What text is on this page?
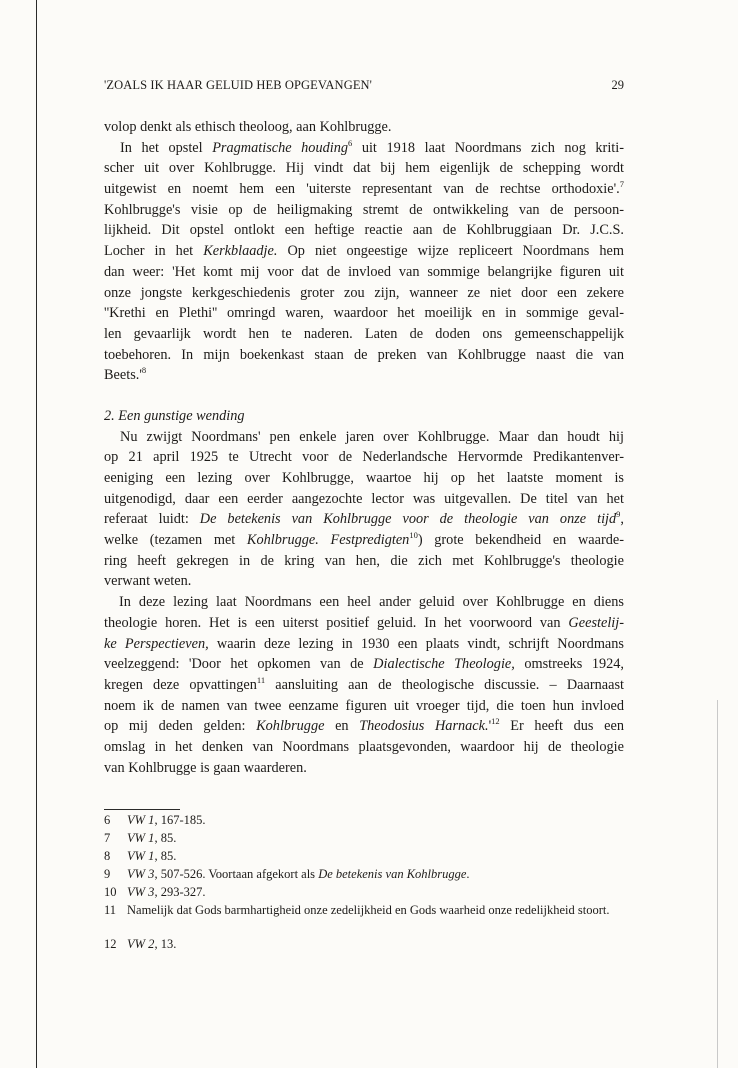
'ZOALS IK HAAR GELUID HEB OPGEVANGEN'	29
volop denkt als ethisch theoloog, aan Kohlbrugge.
In het opstel Pragmatische houding$^6$ uit 1918 laat Noordmans zich nog kriti-
scher uit over Kohlbrugge. Hij vindt dat bij hem eigenlijk de schepping wordt
uitgewist en noemt hem een 'uiterste representant van de rechtse orthodoxie'.$^7$
Kohlbrugge's visie op de heiligmaking stremt de ontwikkeling van de persoon-
lijkheid. Dit opstel ontlokt een heftige reactie aan de Kohlbruggiaan Dr. J.C.S.
Locher in het Kerkblaadje. Op niet ongeestige wijze repliceert Noordmans hem
dan weer: 'Het komt mij voor dat de invloed van sommige belangrijke figuren uit
onze jongste kerkgeschiedenis groter zou zijn, wanneer ze niet door een zekere
''Krethi en Plethi'' omringd waren, waardoor het moeilijk en in sommige geval-
len gevaarlijk wordt hen te naderen. Laten de doden ons gemeenschappelijk
toebehoren. In mijn boekenkast staan de preken van Kohlbrugge naast die van
$Beets.'^8$
2. Een gunstige wending
Nu zwijgt Noordmans' pen enkele jaren over Kohlbrugge. Maar dan houdt hij
op 21 april 1925 te Utrecht voor de Nederlandsche Hervormde Predikantenver-
eeniging een lezing over Kohlbrugge, waartoe hij op het laatste moment is
uitgenodigd, daar een eerder aangezochte lector was uitgevallen. De titel van het
referaat luidt: De betekenis van Kohlbrugge voor de theologie van onze tijd$^9$,
welke (tezamen met Kohlbrugge. Festpredigten$^{10}$) grote bekendheid en waarde-
ring heeft gekregen in de kring van hen, die zich met Kohlbrugge's theologie
verwant weten.
In deze lezing laat Noordmans een heel ander geluid over Kohlbrugge en diens
theologie horen. Het is een uiterst positief geluid. In het voorwoord van Geestelij-
ke Perspectieven, waarin deze lezing in 1930 een plaats vindt, schrijft Noordmans
veelzeggend: 'Door het opkomen van de Dialectische Theologie, omstreeks 1924,
kregen deze opvattingen$^{11}$ aansluiting aan de theologische discussie. – Daarnaast
noem ik de namen van twee eenzame figuren uit vroeger tijd, die toen hun invloed
op mij deden gelden: Kohlbrugge en Theodosius $Harnack.'^{12}$ Er heeft dus een
omslag in het denken van Noordmans plaatsgevonden, waardoor hij de theologie
van Kohlbrugge is gaan waarderen.
6	VW 1, 167-185.
7	VW 1, 85.
8	VW 1, 85.
9	VW 3, 507-526. Voortaan afgekort als De betekenis van Kohlbrugge.
10 VW 3, 293-327.
11 Namelijk dat Gods barmhartigheid onze zedelijkheid en Gods waarheid onze redelijkheid stoort.
12 VW 2, 13.
